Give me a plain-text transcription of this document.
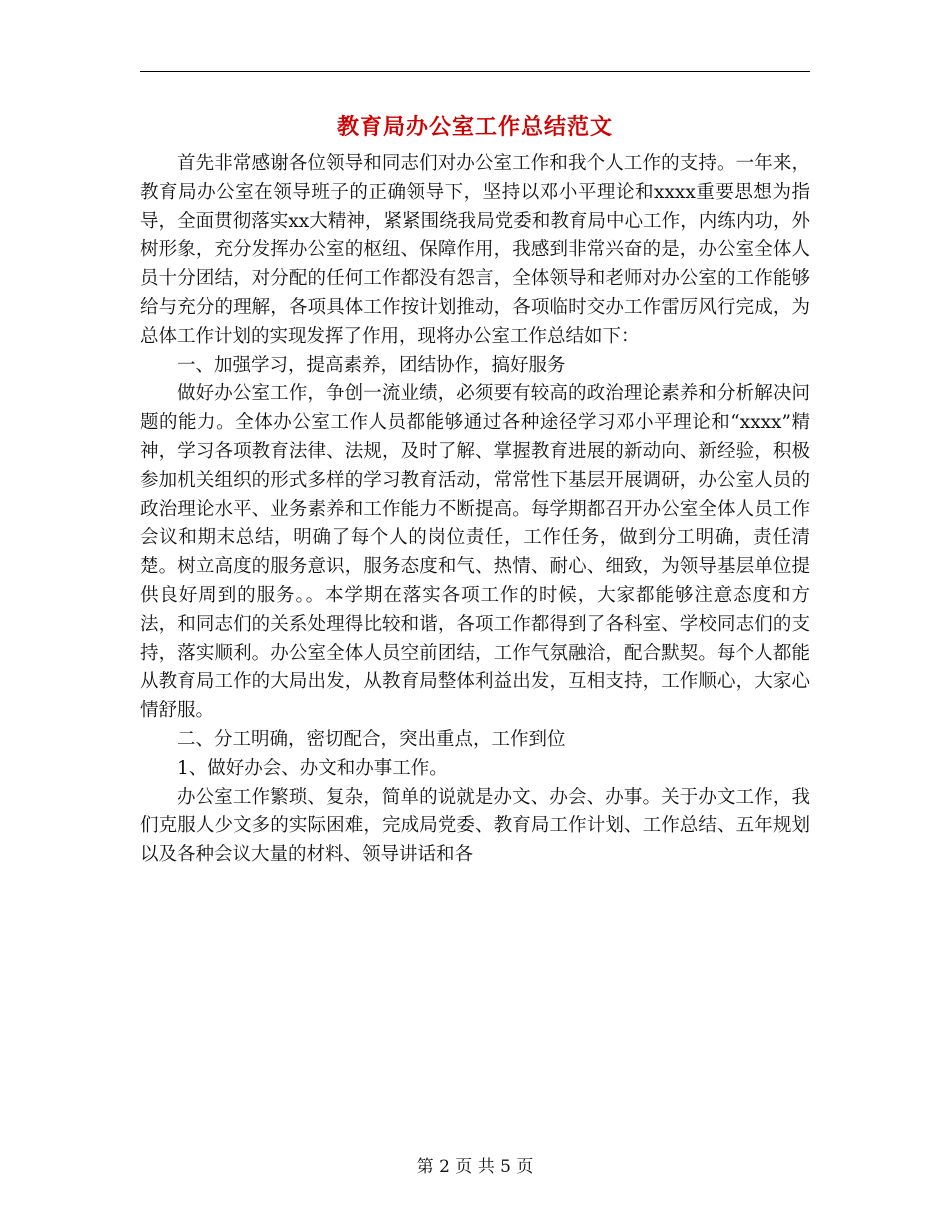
教育局办公室工作总结范文

首先非常感谢各位领导和同志们对办公室工作和我个人工作的支持。一年来，教育局办公室在领导班子的正确领导下，坚持以邓小平理论和xxxx重要思想为指导，全面贯彻落实xx大精神，紧紧围绕我局党委和教育局中心工作，内练内功，外树形象，充分发挥办公室的枢纽、保障作用，我感到非常兴奋的是，办公室全体人员十分团结，对分配的任何工作都没有怨言，全体领导和老师对办公室的工作能够给与充分的理解，各项具体工作按计划推动，各项临时交办工作雷厉风行完成，为总体工作计划的实现发挥了作用，现将办公室工作总结如下：

一、加强学习，提高素养，团结协作，搞好服务

做好办公室工作，争创一流业绩，必须要有较高的政治理论素养和分析解决问题的能力。全体办公室工作人员都能够通过各种途径学习邓小平理论和“xxxx”精神，学习各项教育法律、法规，及时了解、掌握教育进展的新动向、新经验，积极参加机关组织的形式多样的学习教育活动，常常性下基层开展调研，办公室人员的政治理论水平、业务素养和工作能力不断提高。每学期都召开办公室全体人员工作会议和期末总结，明确了每个人的岗位责任，工作任务，做到分工明确，责任清楚。树立高度的服务意识，服务态度和气、热情、耐心、细致，为领导基层单位提供良好周到的服务。。本学期在落实各项工作的时候，大家都能够注意态度和方法，和同志们的关系处理得比较和谐，各项工作都得到了各科室、学校同志们的支持，落实顺利。办公室全体人员空前团结，工作气氛融洽，配合默契。每个人都能从教育局工作的大局出发，从教育局整体利益出发，互相支持，工作顺心，大家心情舒服。

二、分工明确，密切配合，突出重点，工作到位

1、做好办会、办文和办事工作。

办公室工作繁琐、复杂，简单的说就是办文、办会、办事。关于办文工作，我们克服人少文多的实际困难，完成局党委、教育局工作计划、工作总结、五年规划以及各种会议大量的材料、领导讲话和各

第 2 页 共 5 页
